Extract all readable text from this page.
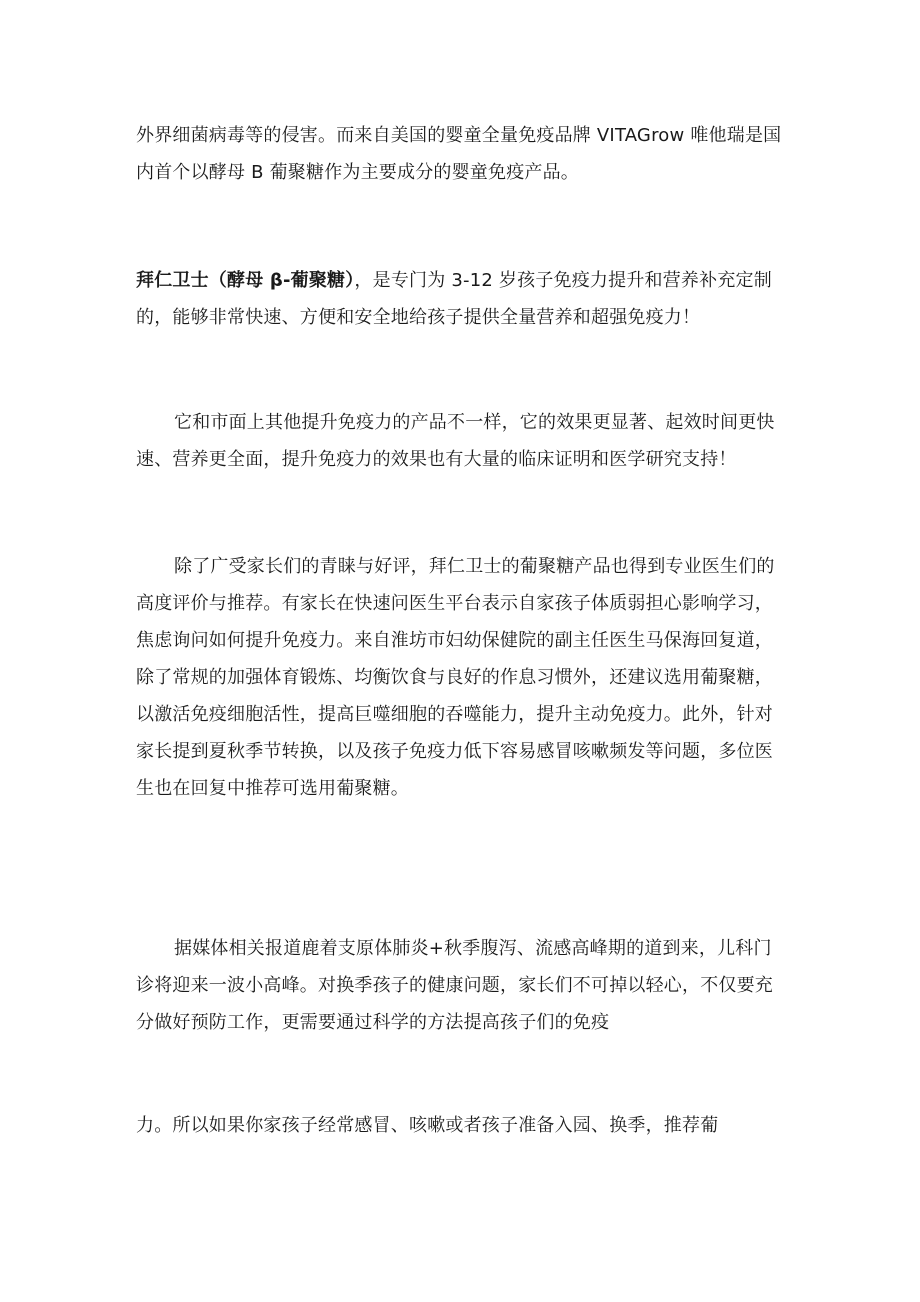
外界细菌病毒等的侵害。而来自美国的婴童全量免疫品牌 VITAGrow 唯他瑞是国
内首个以酵母 B 葡聚糖作为主要成分的婴童免疫产品。
拜仁卫士（酵母 β-葡聚糖），是专门为 3-12 岁孩子免疫力提升和营养补充定制
的，能够非常快速、方便和安全地给孩子提供全量营养和超强免疫力！
它和市面上其他提升免疫力的产品不一样，它的效果更显著、起效时间更快
速、营养更全面，提升免疫力的效果也有大量的临床证明和医学研究支持！
除了广受家长们的青睐与好评，拜仁卫士的葡聚糖产品也得到专业医生们的
高度评价与推荐。有家长在快速问医生平台表示自家孩子体质弱担心影响学习，
焦虑询问如何提升免疫力。来自淮坊市妇幼保健院的副主任医生马保海回复道，
除了常规的加强体育锻炼、均衡饮食与良好的作息习惯外，还建议选用葡聚糖，
以激活免疫细胞活性，提高巨噬细胞的吞噬能力，提升主动免疫力。此外，针对
家长提到夏秋季节转换，以及孩子免疫力低下容易感冒咳嗽频发等问题，多位医
生也在回复中推荐可选用葡聚糖。
据媒体相关报道鹿着支原体肺炎+秋季腹泻、流感高峰期的道到来，儿科门
诊将迎来一波小高峰。对换季孩子的健康问题，家长们不可掉以轻心，不仅要充
分做好预防工作，更需要通过科学的方法提高孩子们的免疫
力。所以如果你家孩子经常感冒、咳嗽或者孩子准备入园、换季，推荐葡
